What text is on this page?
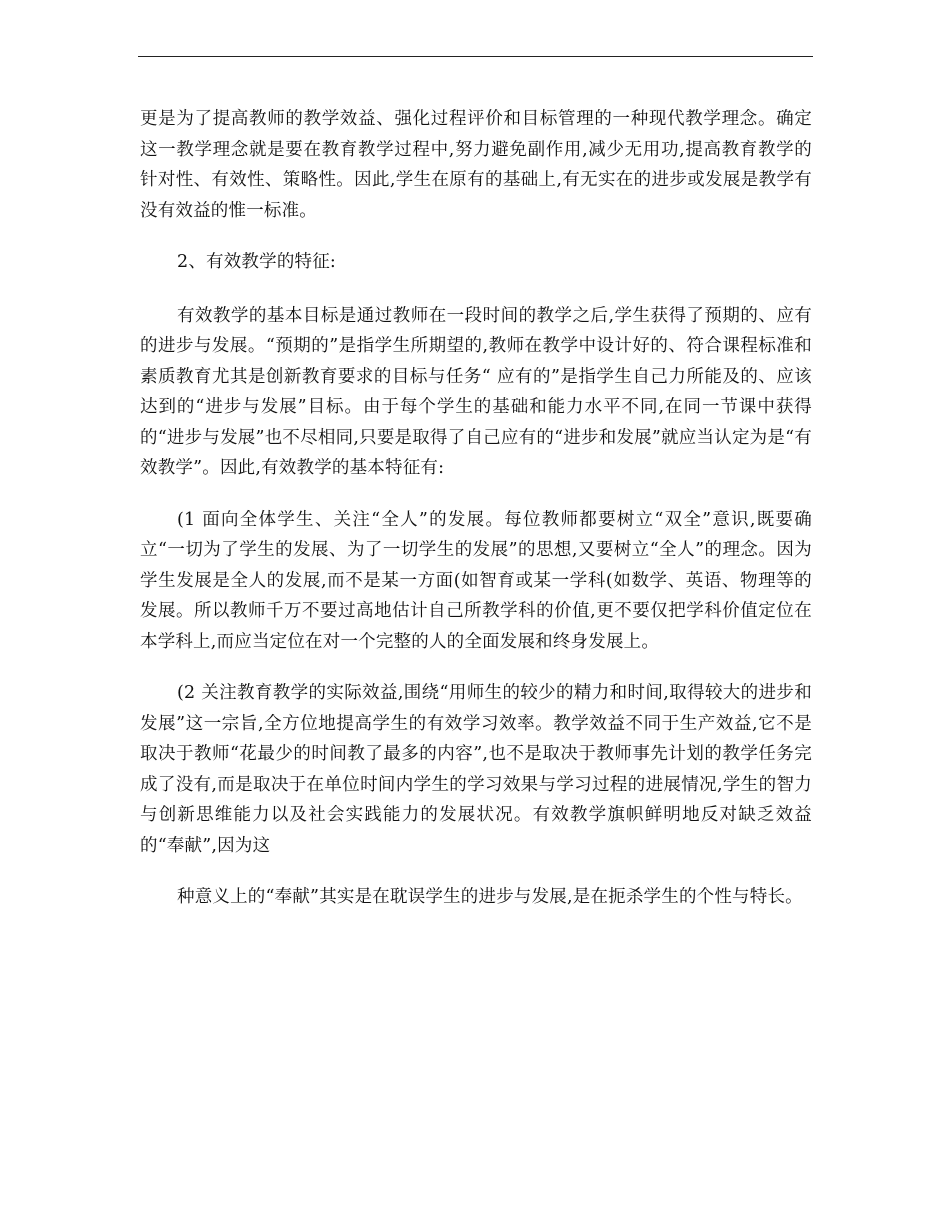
更是为了提高教师的教学效益、强化过程评价和目标管理的一种现代教学理念。确定这一教学理念就是要在教育教学过程中,努力避免副作用,减少无用功,提高教育教学的针对性、有效性、策略性。因此,学生在原有的基础上,有无实在的进步或发展是教学有没有效益的惟一标准。

2、有效教学的特征:

有效教学的基本目标是通过教师在一段时间的教学之后,学生获得了预期的、应有的进步与发展。“预期的”是指学生所期望的,教师在教学中设计好的、符合课程标准和素质教育尤其是创新教育要求的目标与任务“ 应有的”是指学生自己力所能及的、应该达到的“进步与发展”目标。由于每个学生的基础和能力水平不同,在同一节课中获得的“进步与发展”也不尽相同,只要是取得了自己应有的“进步和发展”就应当认定为是“有效教学”。因此,有效教学的基本特征有:

(1 面向全体学生、关注“全人”的发展。每位教师都要树立“双全”意识,既要确立“一切为了学生的发展、为了一切学生的发展”的思想,又要树立“全人”的理念。因为学生发展是全人的发展,而不是某一方面(如智育或某一学科(如数学、英语、物理等的发展。所以教师千万不要过高地估计自己所教学科的价值,更不要仅把学科价值定位在本学科上,而应当定位在对一个完整的人的全面发展和终身发展上。

(2 关注教育教学的实际效益,围绕“用师生的较少的精力和时间,取得较大的进步和发展”这一宗旨,全方位地提高学生的有效学习效率。教学效益不同于生产效益,它不是取决于教师“花最少的时间教了最多的内容”,也不是取决于教师事先计划的教学任务完成了没有,而是取决于在单位时间内学生的学习效果与学习过程的进展情况,学生的智力与创新思维能力以及社会实践能力的发展状况。有效教学旗帜鲜明地反对缺乏效益的“奉献”,因为这

种意义上的“奉献”其实是在耽误学生的进步与发展,是在扼杀学生的个性与特长。
